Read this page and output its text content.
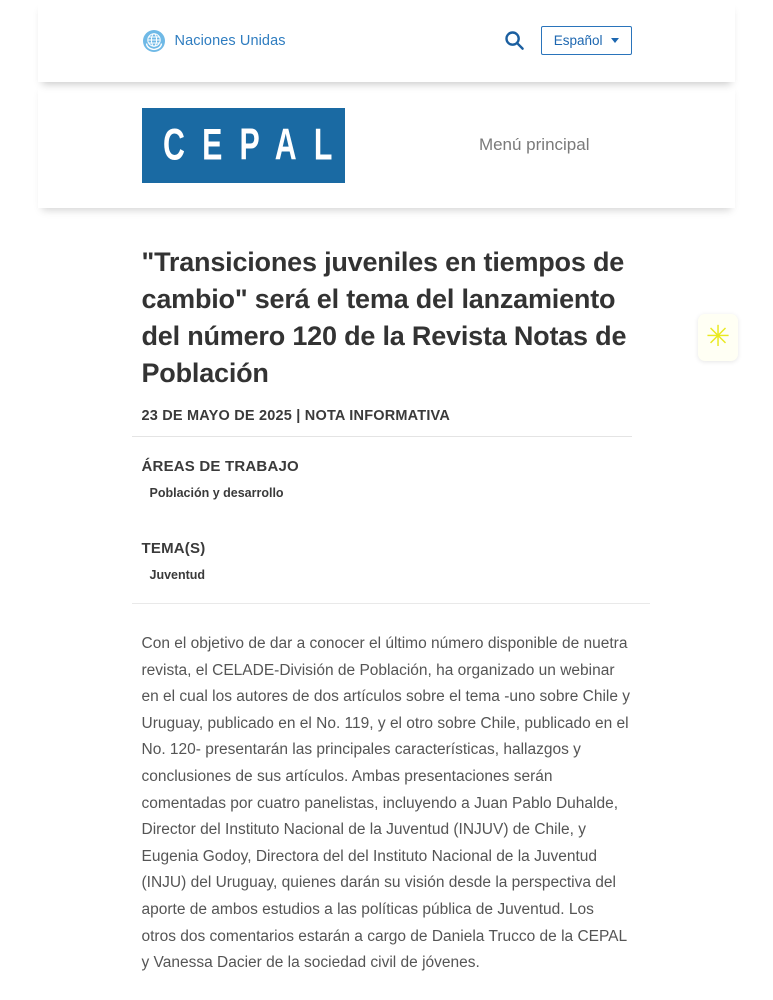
Naciones Unidas	Español
CEPAL	Menú principal
"Transiciones juveniles en tiempos de cambio" será el tema del lanzamiento del número 120 de la Revista Notas de Población
23 DE MAYO DE 2025 | NOTA INFORMATIVA
ÁREAS DE TRABAJO
Población y desarrollo
TEMA(S)
Juventud

Con el objetivo de dar a conocer el último número disponible de nuetra revista, el CELADE-División de Población, ha organizado un webinar en el cual los autores de dos artículos sobre el tema -uno sobre Chile y Uruguay, publicado en el No. 119, y el otro sobre Chile, publicado en el No. 120- presentarán las principales características, hallazgos y conclusiones de sus artículos. Ambas presentaciones serán comentadas por cuatro panelistas, incluyendo a Juan Pablo Duhalde, Director del Instituto Nacional de la Juventud (INJUV) de Chile, y Eugenia Godoy, Directora del del Instituto Nacional de la Juventud (INJU) del Uruguay, quienes darán su visión desde la perspectiva del aporte de ambos estudios a las políticas pública de Juventud. Los otros dos comentarios estarán a cargo de Daniela Trucco de la CEPAL y Vanessa Dacier de la sociedad civil de jóvenes.

✳
